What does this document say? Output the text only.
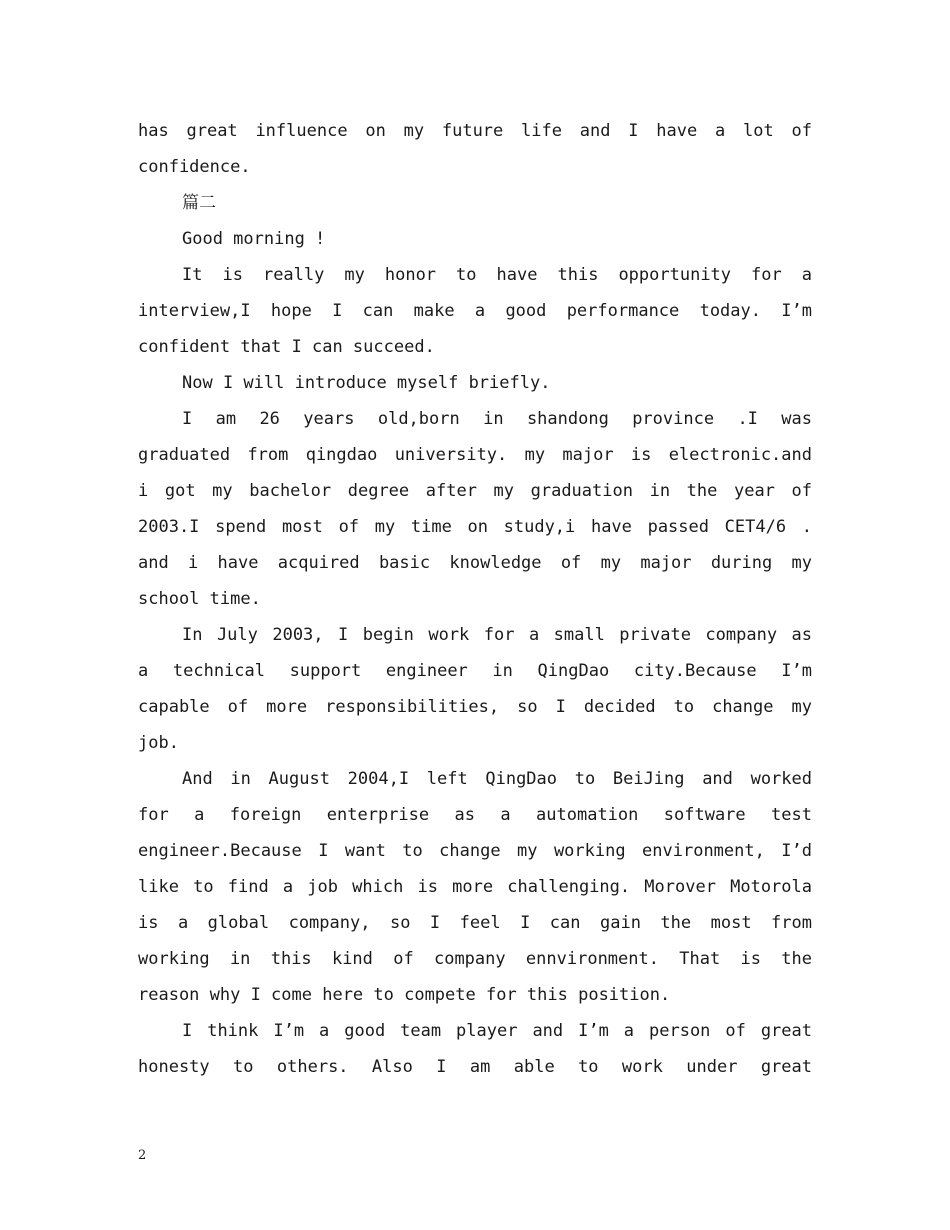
has great influence on my future life and I have a lot of
confidence.
篇二
Good morning !
It is really my honor to have this opportunity for a
interview,I hope I can make a good performance today. I’m
confident that I can succeed.
Now I will introduce myself briefly.
I am 26 years old,born in shandong province .I was
graduated from qingdao university. my major is electronic.and
i got my bachelor degree after my graduation in the year of
2003.I spend most of my time on study,i have passed CET4/6 .
and i have acquired basic knowledge of my major during my
school time.
In July 2003, I begin work for a small private company as
a technical support engineer in QingDao city.Because I’m
capable of more responsibilities, so I decided to change my
job.
And in August 2004,I left QingDao to BeiJing and worked
for a foreign enterprise as a automation software test
engineer.Because I want to change my working environment, I’d
like to find a job which is more challenging. Morover Motorola
is a global company, so I feel I can gain the most from
working in this kind of company ennvironment. That is the
reason why I come here to compete for this position.
I think I’m a good team player and I’m a person of great
honesty to others. Also I am able to work under great
2
